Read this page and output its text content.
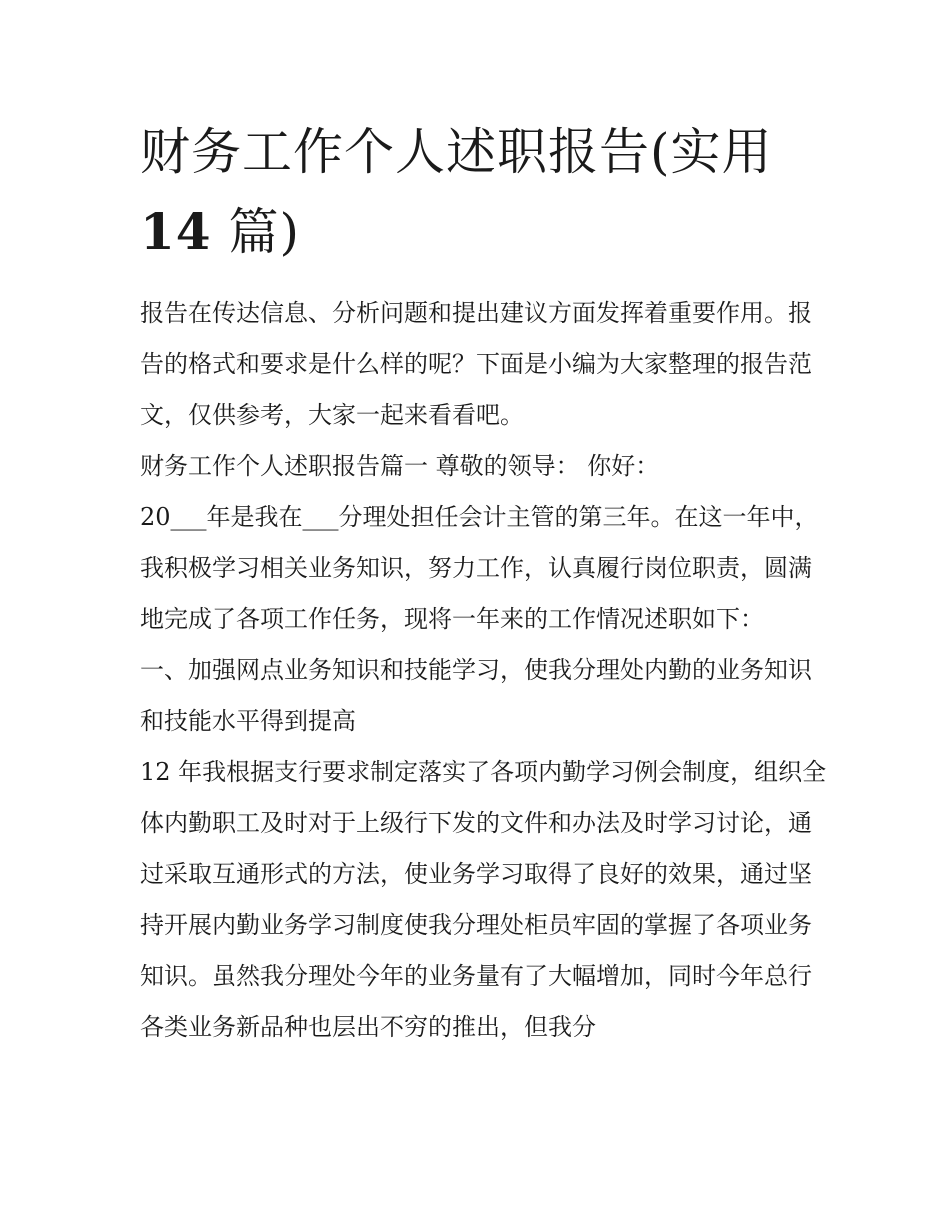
财务工作个人述职报告(实用
14 篇)

报告在传达信息、分析问题和提出建议方面发挥着重要作用。报告的格式和要求是什么样的呢？下面是小编为大家整理的报告范文，仅供参考，大家一起来看看吧。

财务工作个人述职报告篇一 尊敬的领导： 你好：

20___年是我在___分理处担任会计主管的第三年。在这一年中，我积极学习相关业务知识，努力工作，认真履行岗位职责，圆满地完成了各项工作任务，现将一年来的工作情况述职如下：

一、加强网点业务知识和技能学习，使我分理处内勤的业务知识和技能水平得到提高

12 年我根据支行要求制定落实了各项内勤学习例会制度，组织全体内勤职工及时对于上级行下发的文件和办法及时学习讨论，通过采取互通形式的方法，使业务学习取得了良好的效果，通过坚持开展内勤业务学习制度使我分理处柜员牢固的掌握了各项业务知识。虽然我分理处今年的业务量有了大幅增加，同时今年总行各类业务新品种也层出不穷的推出，但我分
